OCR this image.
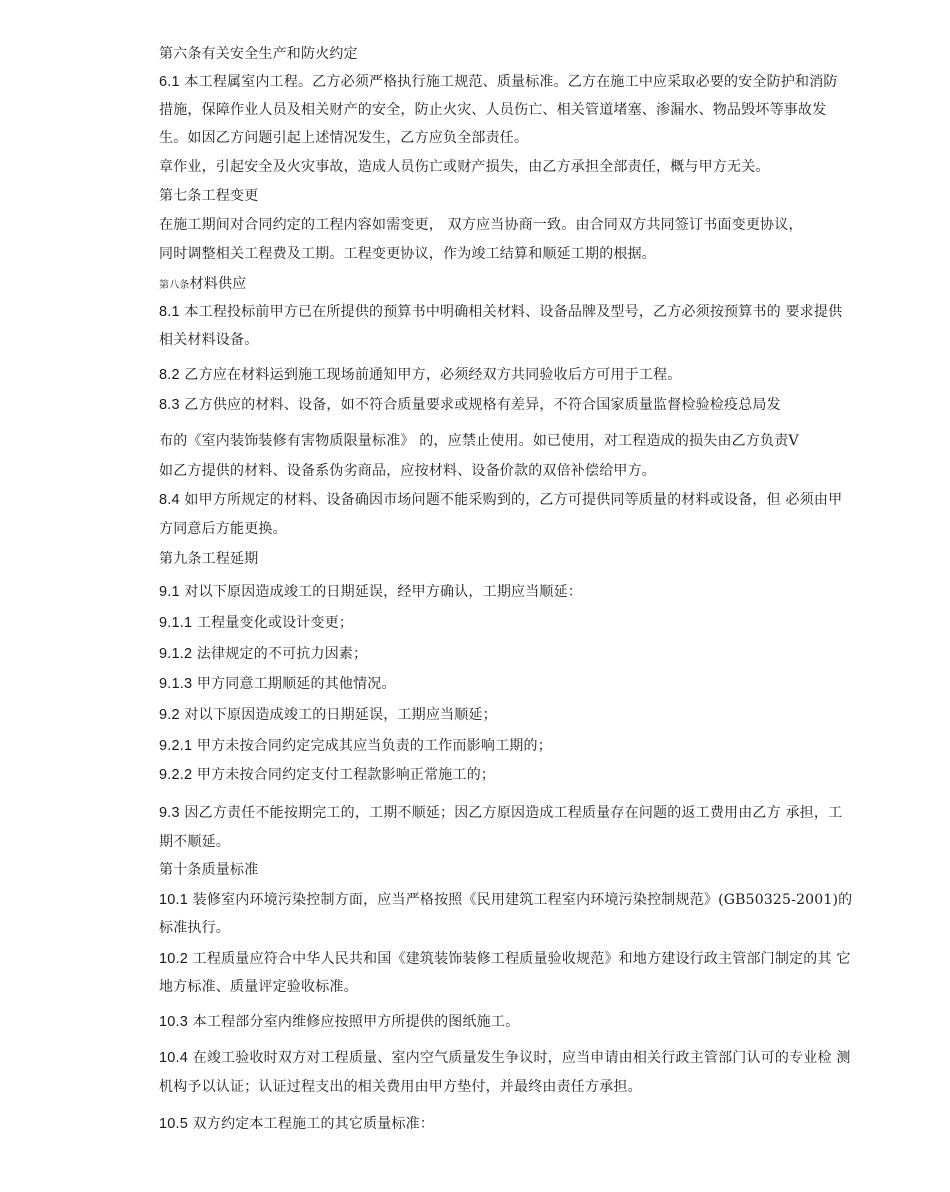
第六条有关安全生产和防火约定
6.1 本工程属室内工程。乙方必须严格执行施工规范、质量标准。乙方在施工中应采取必要的安全防护和消防
措施，保障作业人员及相关财产的安全，防止火灾、人员伤亡、相关管道堵塞、渗漏水、物品毁坏等事故发
生。如因乙方问题引起上述情况发生，乙方应负全部责任。
章作业，引起安全及火灾事故，造成人员伤亡或财产损失，由乙方承担全部责任，概与甲方无关。
第七条工程变更
在施工期间对合同约定的工程内容如需变更， 双方应当协商一致。由合同双方共同签订书面变更协议，
同时调整相关工程费及工期。工程变更协议，作为竣工结算和顺延工期的根据。
第八条材料供应
8.1 本工程投标前甲方已在所提供的预算书中明确相关材料、设备品牌及型号，乙方必须按预算书的 要求提供
相关材料设备。
8.2 乙方应在材料运到施工现场前通知甲方，必须经双方共同验收后方可用于工程。
8.3 乙方供应的材料、设备，如不符合质量要求或规格有差异，不符合国家质量监督检验检疫总局发
布的《室内装饰装修有害物质限量标准》 的，应禁止使用。如已使用，对工程造成的损失由乙方负责Ⅴ
如乙方提供的材料、设备系伪劣商品，应按材料、设备价款的双倍补偿给甲方。
8.4 如甲方所规定的材料、设备确因市场问题不能采购到的，乙方可提供同等质量的材料或设备，但 必须由甲
方同意后方能更换。
第九条工程延期
9.1 对以下原因造成竣工的日期延误，经甲方确认，工期应当顺延：
9.1.1 工程量变化或设计变更；
9.1.2 法律规定的不可抗力因素；
9.1.3 甲方同意工期顺延的其他情况。
9.2 对以下原因造成竣工的日期延误，工期应当顺延；
9.2.1 甲方未按合同约定完成其应当负责的工作而影响工期的；
9.2.2 甲方未按合同约定支付工程款影响正常施工的；
9.3 因乙方责任不能按期完工的，工期不顺延；因乙方原因造成工程质量存在问题的返工费用由乙方 承担，工
期不顺延。
第十条质量标准
10.1 装修室内环境污染控制方面，应当严格按照《民用建筑工程室内环境污染控制规范》(GB50325-2001)的
标准执行。
10.2 工程质量应符合中华人民共和国《建筑装饰装修工程质量验收规范》和地方建设行政主管部门制定的其 它
地方标准、质量评定验收标准。
10.3 本工程部分室内维修应按照甲方所提供的图纸施工。
10.4 在竣工验收时双方对工程质量、室内空气质量发生争议时，应当申请由相关行政主管部门认可的专业检 测
机构予以认证；认证过程支出的相关费用由甲方垫付，并最终由责任方承担。
10.5 双方约定本工程施工的其它质量标准：
